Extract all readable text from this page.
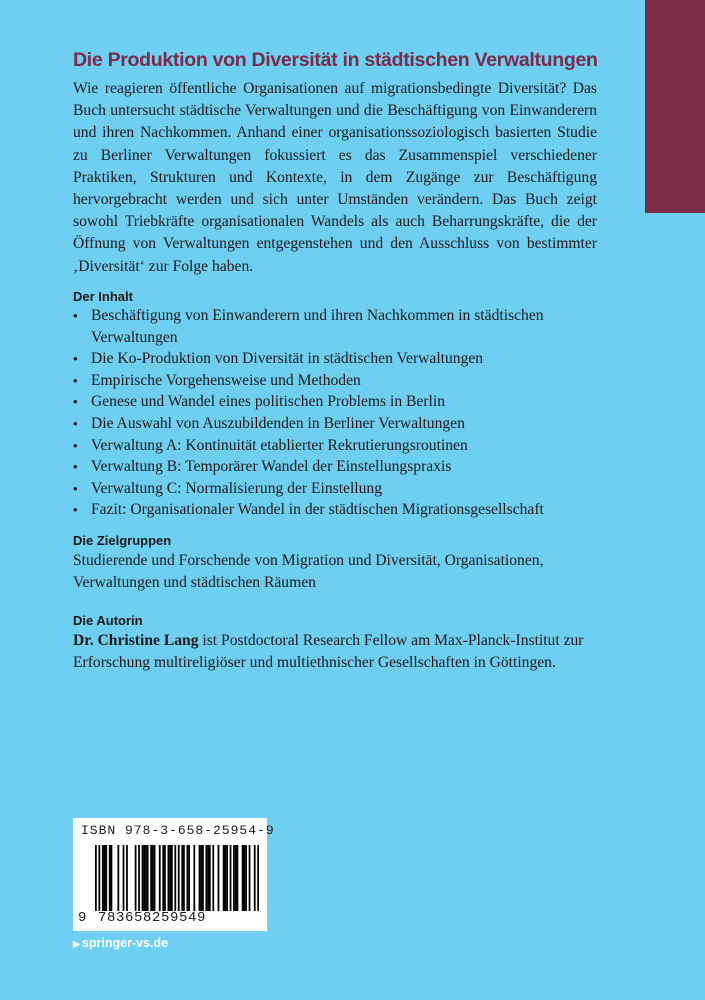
Die Produktion von Diversität in städtischen Verwaltungen

Wie reagieren öffentliche Organisationen auf migrationsbedingte Diversität? Das Buch untersucht städtische Verwaltungen und die Beschäftigung von Einwanderern und ihren Nachkommen. Anhand einer organisationssoziologisch basierten Studie zu Berliner Verwaltungen fokussiert es das Zusammenspiel verschiedener Praktiken, Strukturen und Kontexte, in dem Zugänge zur Beschäftigung hervorgebracht werden und sich unter Umständen verändern. Das Buch zeigt sowohl Triebkräfte organisationalen Wandels als auch Beharrungskräfte, die der Öffnung von Verwaltungen entgegenstehen und den Ausschluss von bestimmter ‚Diversität‘ zur Folge haben.

Der Inhalt
• Beschäftigung von Einwanderern und ihren Nachkommen in städtischen Verwaltungen
• Die Ko-Produktion von Diversität in städtischen Verwaltungen
• Empirische Vorgehensweise und Methoden
• Genese und Wandel eines politischen Problems in Berlin
• Die Auswahl von Auszubildenden in Berliner Verwaltungen
• Verwaltung A: Kontinuität etablierter Rekrutierungsroutinen
• Verwaltung B: Temporärer Wandel der Einstellungspraxis
• Verwaltung C: Normalisierung der Einstellung
• Fazit: Organisationaler Wandel in der städtischen Migrationsgesellschaft
Die Zielgruppen

Studierende und Forschende von Migration und Diversität, Organisationen, Verwaltungen und städtischen Räumen

Die Autorin

Dr. Christine Lang ist Postdoctoral Research Fellow am Max-Planck-Institut zur Erforschung multireligiöser und multiethnischer Gesellschaften in Göttingen.

ISBN 978-3-658-25954-9
9 783658259549
▶ springer-vs.de
